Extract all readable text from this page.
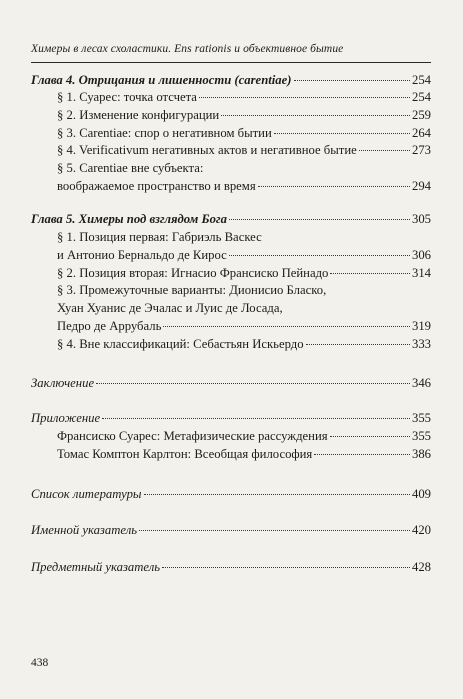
Химеры в лесах схоластики. Ens rationis и объективное бытие
Глава 4. Отрицания и лишенности (carentiae)	254
§ 1. Суарес: точка отсчета	254
§ 2. Изменение конфигурации	259
§ 3. Carentiae: спор о негативном бытии	264
§ 4. Verificativum негативных актов и негативное бытие	273
§ 5. Carentiae вне субъекта:
воображаемое пространство и время	294
Глава 5. Химеры под взглядом Бога	305
§ 1. Позиция первая: Габриэль Васкес
и Антонио Бернальдо де Кирос	306
§ 2. Позиция вторая: Игнасио Франсиско Пейнадо	314
§ 3. Промежуточные варианты: Дионисио Бласко,
Хуан Хуанис де Эчалас и Луис де Лосада,
Педро де Аррубаль	319
§ 4. Вне классификаций: Себастьян Искьердо	333
Заключение	346
Приложение	355
Франсиско Суарес: Метафизические рассуждения	355
Томас Комптон Карлтон: Всеобщая философия	386
Список литературы	409
Именной указатель	420
Предметный указатель	428
438
